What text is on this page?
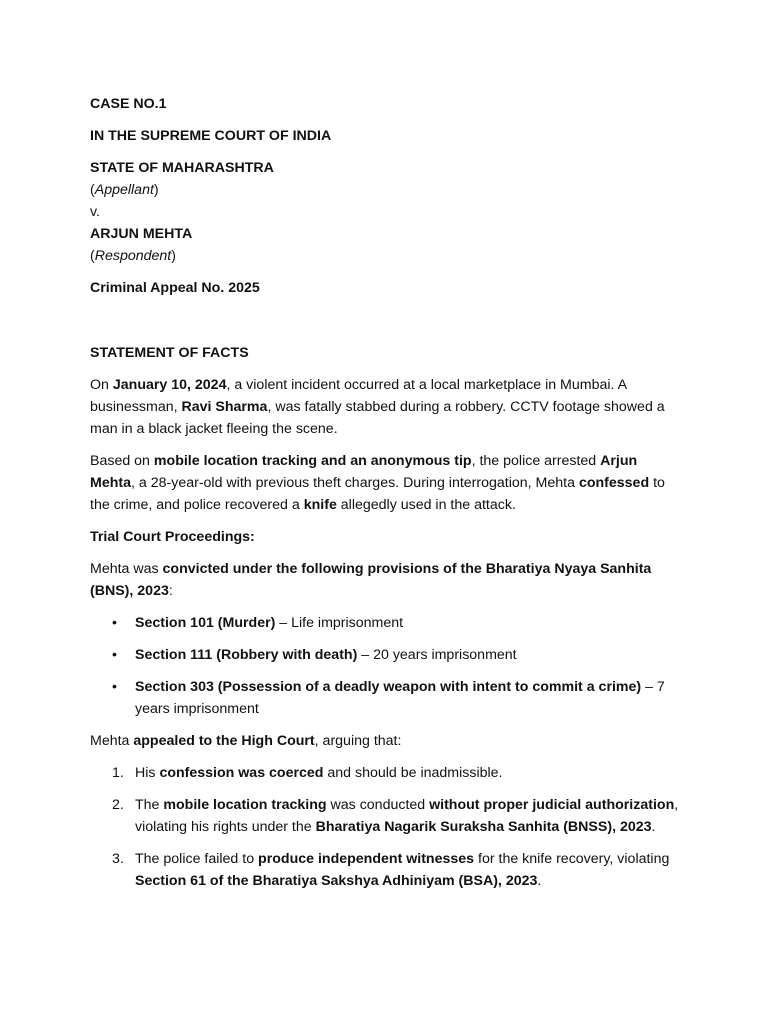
CASE NO.1

IN THE SUPREME COURT OF INDIA

STATE OF MAHARASHTRA

(Appellant)

v.

ARJUN MEHTA

(Respondent)

Criminal Appeal No. 2025

STATEMENT OF FACTS

On January 10, 2024, a violent incident occurred at a local marketplace in Mumbai. A businessman, Ravi Sharma, was fatally stabbed during a robbery. CCTV footage showed a man in a black jacket fleeing the scene.

Based on mobile location tracking and an anonymous tip, the police arrested Arjun Mehta, a 28-year-old with previous theft charges. During interrogation, Mehta confessed to the crime, and police recovered a knife allegedly used in the attack.

Trial Court Proceedings:

Mehta was convicted under the following provisions of the Bharatiya Nyaya Sanhita (BNS), 2023:

• Section 101 (Murder) – Life imprisonment
• Section 111 (Robbery with death) – 20 years imprisonment
• Section 303 (Possession of a deadly weapon with intent to commit a crime) – 7 years imprisonment

Mehta appealed to the High Court, arguing that:

1. His confession was coerced and should be inadmissible.
2. The mobile location tracking was conducted without proper judicial authorization, violating his rights under the Bharatiya Nagarik Suraksha Sanhita (BNSS), 2023.
3. The police failed to produce independent witnesses for the knife recovery, violating Section 61 of the Bharatiya Sakshya Adhiniyam (BSA), 2023.
